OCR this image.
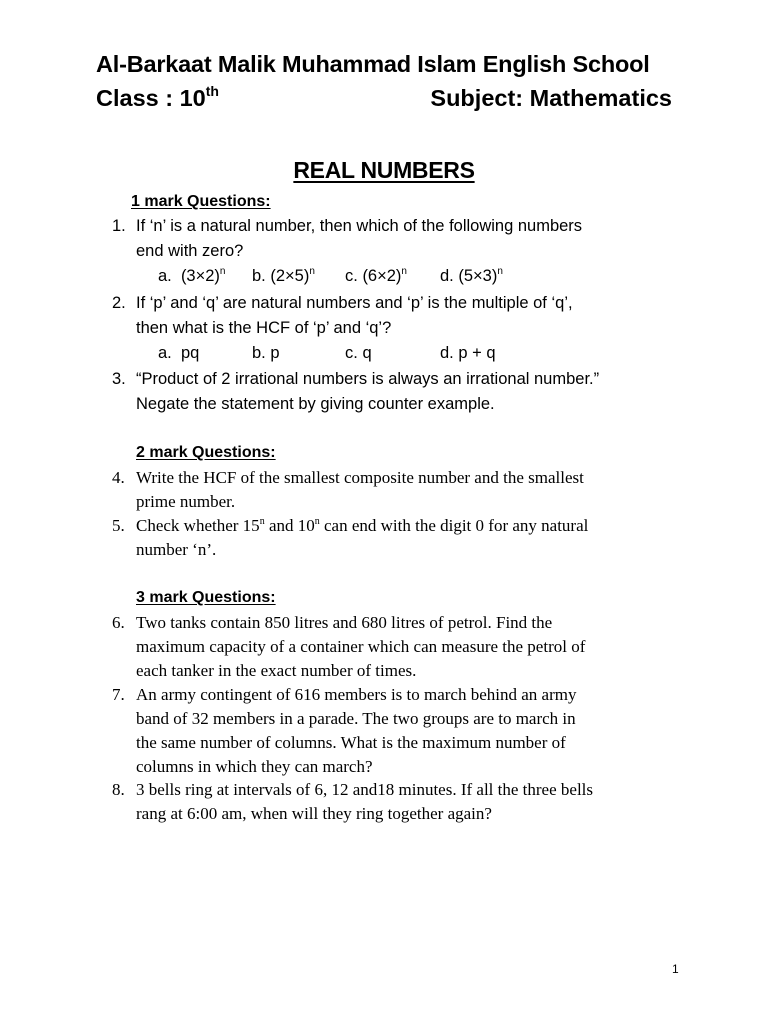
Al-Barkaat Malik Muhammad Islam English School
Class : 10th	Subject: Mathematics
REAL NUMBERS
1 mark Questions:
1. If ‘n’ is a natural number, then which of the following numbers
end with zero?
a. $(3\times 2)^n$ b. $(2\times 5)^n$ c. $(6\times 2)^n$ d. $(5\times 3)^n$
2. If ‘p’ and ‘q’ are natural numbers and ‘p’ is the multiple of ‘q’,
then what is the HCF of ‘p’ and ‘q’?
a. pq	b. p	c. q	d. p + q
3. “Product of 2 irrational numbers is always an irrational number.”
Negate the statement by giving counter example.
2 mark Questions:
4. Write the HCF of the smallest composite number and the smallest
prime number.
5. Check whether 15$^n$ and 10$^n$ can end with the digit 0 for any natural
number ‘n’.
3 mark Questions:
6. Two tanks contain 850 litres and 680 litres of petrol. Find the
maximum capacity of a container which can measure the petrol of
each tanker in the exact number of times.
7. An army contingent of 616 members is to march behind an army
band of 32 members in a parade. The two groups are to march in
the same number of columns. What is the maximum number of
columns in which they can march?
8. 3 bells ring at intervals of 6, 12 and18 minutes. If all the three bells
rang at 6:00 am, when will they ring together again?
1
